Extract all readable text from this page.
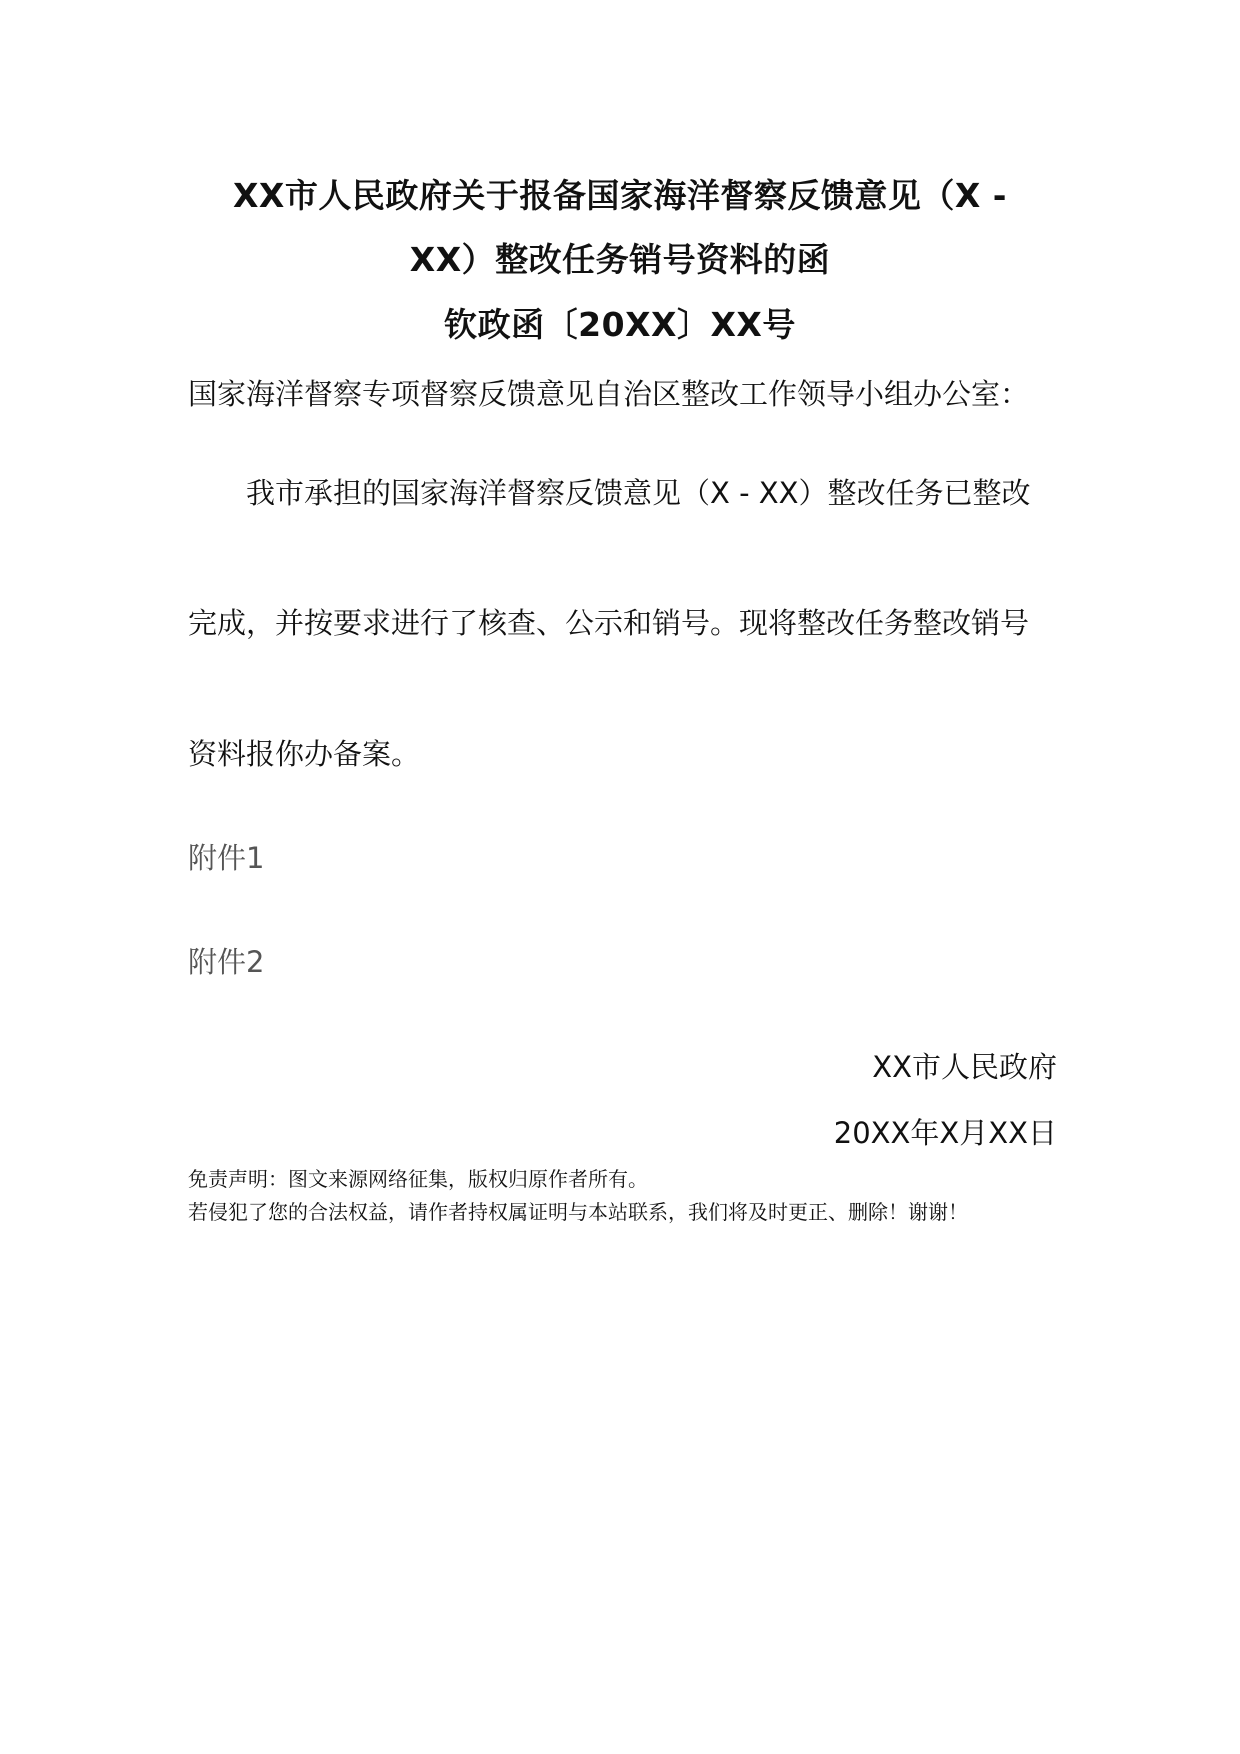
XX市人民政府关于报备国家海洋督察反馈意见（X -
XX）整改任务销号资料的函
钦政函〔20XX〕XX号
国家海洋督察专项督察反馈意见自治区整改工作领导小组办公室：
我市承担的国家海洋督察反馈意见（X - XX）整改任务已整改
完成，并按要求进行了核查、公示和销号。现将整改任务整改销号
资料报你办备案。
附件1
附件2
XX市人民政府
20XX年X月XX日
免责声明：图文来源网络征集，版权归原作者所有。
若侵犯了您的合法权益，请作者持权属证明与本站联系，我们将及时更正、删除！谢谢！
